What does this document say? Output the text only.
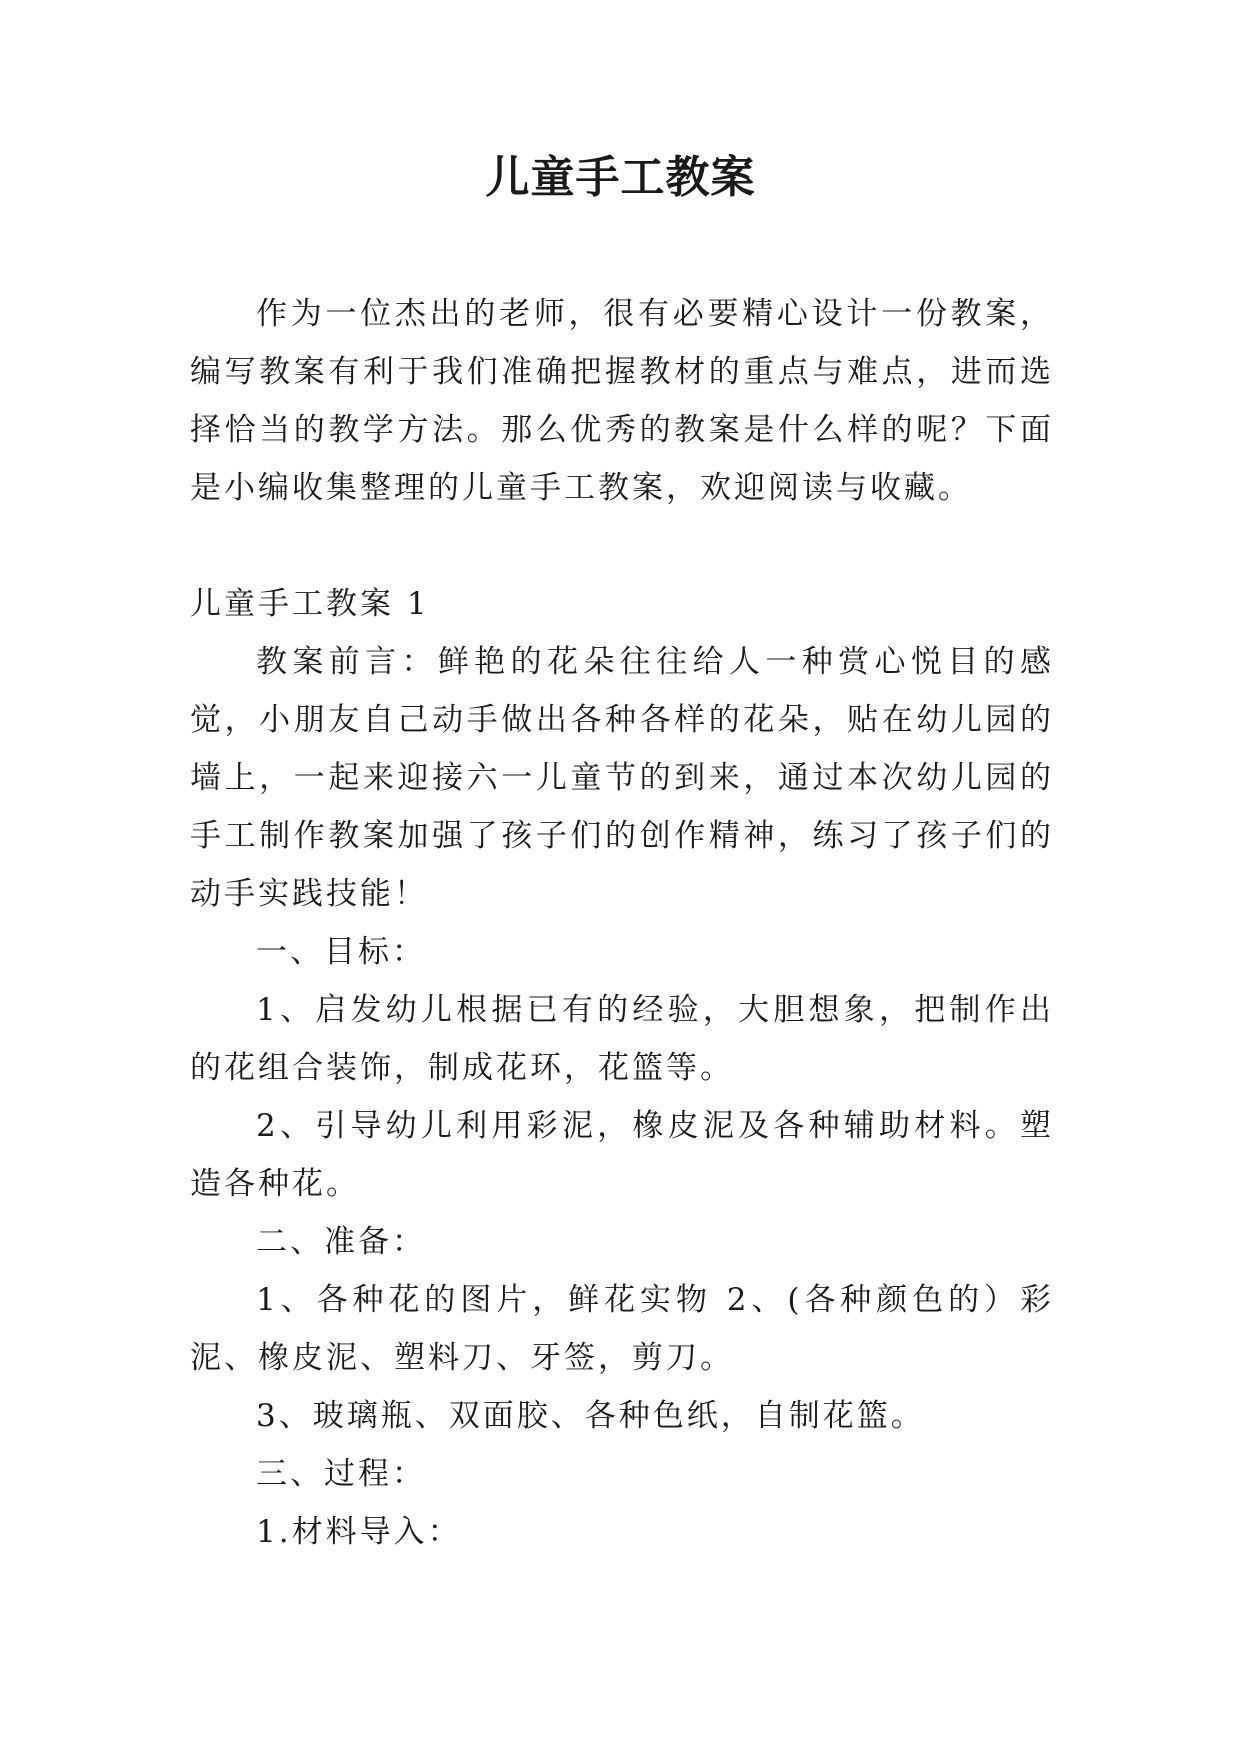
儿童手工教案

作为一位杰出的老师，很有必要精心设计一份教案，编写教案有利于我们准确把握教材的重点与难点，进而选择恰当的教学方法。那么优秀的教案是什么样的呢？下面是小编收集整理的儿童手工教案，欢迎阅读与收藏。

儿童手工教案 1

教案前言：鲜艳的花朵往往给人一种赏心悦目的感觉，小朋友自己动手做出各种各样的花朵，贴在幼儿园的墙上，一起来迎接六一儿童节的到来，通过本次幼儿园的手工制作教案加强了孩子们的创作精神，练习了孩子们的动手实践技能！

一、目标：

1、启发幼儿根据已有的经验，大胆想象，把制作出的花组合装饰，制成花环，花篮等。

2、引导幼儿利用彩泥，橡皮泥及各种辅助材料。塑造各种花。

二、准备：

1、各种花的图片，鲜花实物 2、(各种颜色的）彩泥、橡皮泥、塑料刀、牙签，剪刀。

3、玻璃瓶、双面胶、各种色纸，自制花篮。

三、过程：

1.材料导入：
